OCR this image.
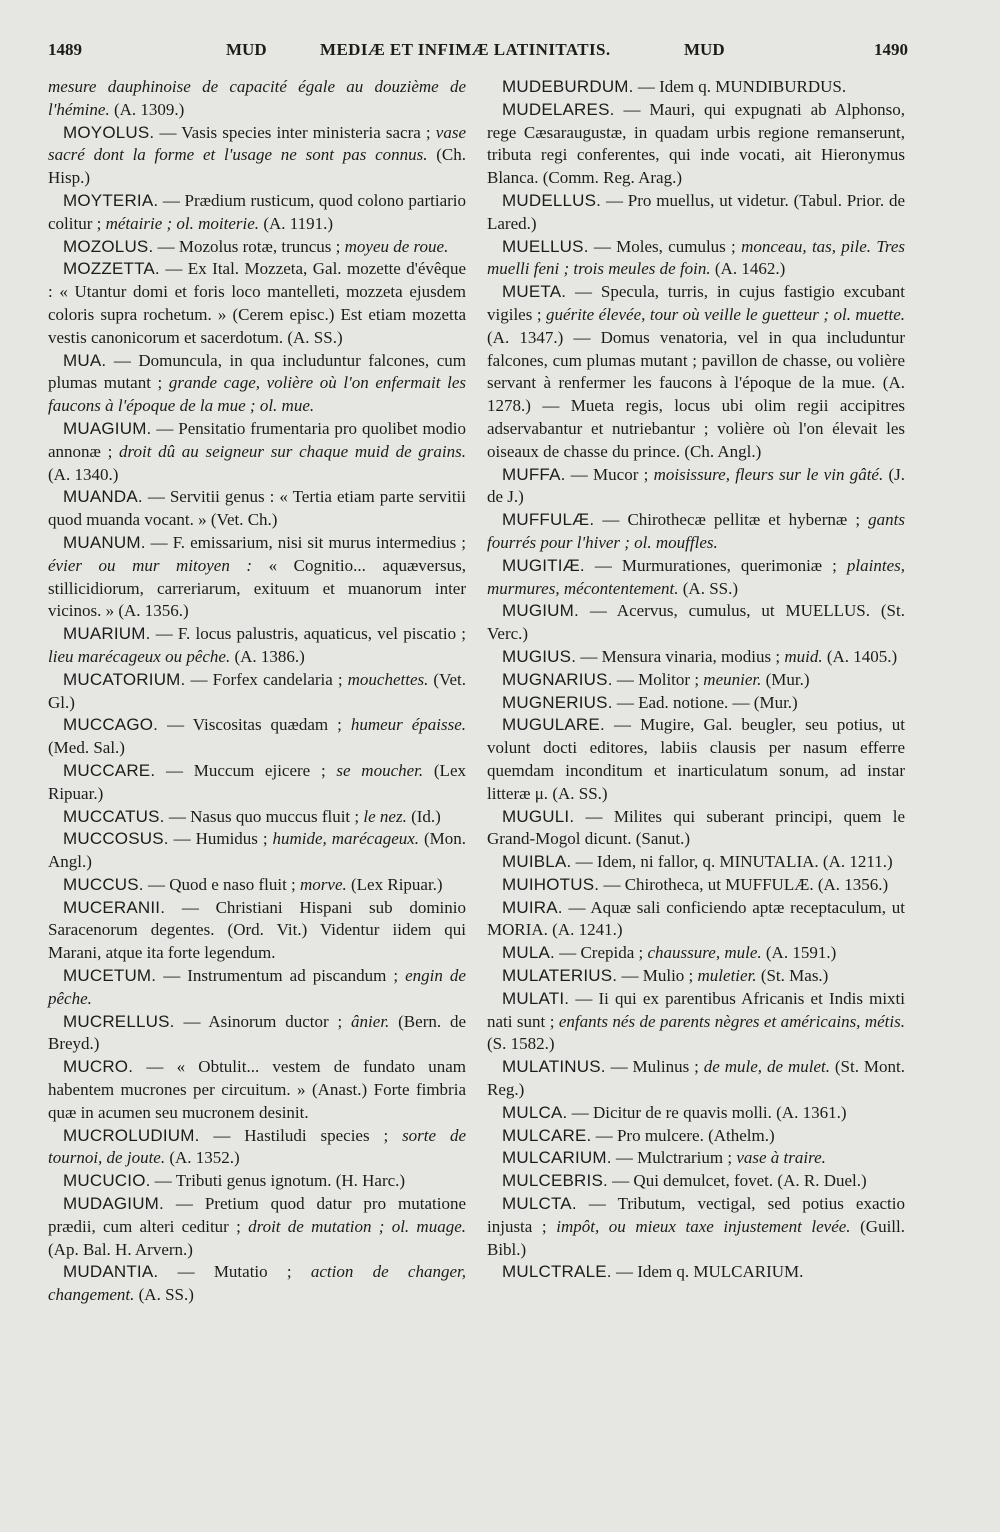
1489	MUD	MEDIÆ ET INFIMÆ LATINITATIS.	MUD	1490

mesure dauphinoise de capacité égale au douzième de l'hémine. (A. 1309.)

MOYOLUS. — Vasis species inter ministeria sacra ; vase sacré dont la forme et l'usage ne sont pas connus. (Ch. Hisp.)

MOYTERIA. — Prædium rusticum, quod colono partiario colitur ; métairie ; ol. moiterie. (A. 1191.)

MOZOLUS. — Mozolus rotæ, truncus ; moyeu de roue.

MOZZETTA. — Ex Ital. Mozzeta, Gal. mozette d'évêque : « Utantur domi et foris loco mantelleti, mozzeta ejusdem coloris supra rochetum. » (Cerem episc.) Est etiam mozetta vestis canonicorum et sacerdotum. (A. SS.)

MUA. — Domuncula, in qua includuntur falcones, cum plumas mutant ; grande cage, volière où l'on enfermait les faucons à l'époque de la mue ; ol. mue.

MUAGIUM. — Pensitatio frumentaria pro quolibet modio annonæ ; droit dû au seigneur sur chaque muid de grains. (A. 1340.)

MUANDA. — Servitii genus : « Tertia etiam parte servitii quod muanda vocant. » (Vet. Ch.)

MUANUM. — F. emissarium, nisi sit murus intermedius ; évier ou mur mitoyen : « Cognitio... aquæversus, stillicidiorum, carreriarum, exituum et muanorum inter vicinos. » (A. 1356.)

MUARIUM. — F. locus palustris, aquaticus, vel piscatio ; lieu marécageux ou pêche. (A. 1386.)

MUCATORIUM. — Forfex candelaria ; mouchettes. (Vet. Gl.)

MUCCAGO. — Viscositas quædam ; humeur épaisse. (Med. Sal.)

MUCCARE. — Muccum ejicere ; se moucher. (Lex Ripuar.)

MUCCATUS. — Nasus quo muccus fluit ; le nez. (Id.)

MUCCOSUS. — Humidus ; humide, marécageux. (Mon. Angl.)

MUCCUS. — Quod e naso fluit ; morve. (Lex Ripuar.)

MUCERANII. — Christiani Hispani sub dominio Saracenorum degentes. (Ord. Vit.) Videntur iidem qui Marani, atque ita forte legendum.

MUCETUM. — Instrumentum ad piscandum ; engin de pêche.

MUCRELLUS. — Asinorum ductor ; ânier. (Bern. de Breyd.)

MUCRO. — « Obtulit... vestem de fundato unam habentem mucrones per circuitum. » (Anast.) Forte fimbria quæ in acumen seu mucronem desinit.

MUCROLUDIUM. — Hastiludi species ; sorte de tournoi, de joute. (A. 1352.)

MUCUCIO. — Tributi genus ignotum. (H. Harc.)

MUDAGIUM. — Pretium quod datur pro mutatione prædii, cum alteri ceditur ; droit de mutation ; ol. muage. (Ap. Bal. H. Arvern.)

MUDANTIA. — Mutatio ; action de changer, changement. (A. SS.)

MUDEBURDUM. — Idem q. MUNDIBURDUS.

MUDELARES. — Mauri, qui expugnati ab Alphonso, rege Cæsaraugustæ, in quadam urbis regione remanserunt, tributa regi conferentes, qui inde vocati, ait Hieronymus Blanca. (Comm. Reg. Arag.)

MUDELLUS. — Pro muellus, ut videtur. (Tabul. Prior. de Lared.)

MUELLUS. — Moles, cumulus ; monceau, tas, pile. Tres muelli feni ; trois meules de foin. (A. 1462.)

MUETA. — Specula, turris, in cujus fastigio excubant vigiles ; guérite élevée, tour où veille le guetteur ; ol. muette. (A. 1347.) — Domus venatoria, vel in qua includuntur falcones, cum plumas mutant ; pavillon de chasse, ou volière servant à renfermer les faucons à l'époque de la mue. (A. 1278.) — Mueta regis, locus ubi olim regii accipitres adservabantur et nutriebantur ; volière où l'on élevait les oiseaux de chasse du prince. (Ch. Angl.)

MUFFA. — Mucor ; moisissure, fleurs sur le vin gâté. (J. de J.)

MUFFULÆ. — Chirothecæ pellitæ et hybernæ ; gants fourrés pour l'hiver ; ol. mouffles.

MUGITIÆ. — Murmurationes, querimoniæ ; plaintes, murmures, mécontentement. (A. SS.)

MUGIUM. — Acervus, cumulus, ut MUELLUS. (St. Verc.)

MUGIUS. — Mensura vinaria, modius ; muid. (A. 1405.)

MUGNARIUS. — Molitor ; meunier. (Mur.)

MUGNERIUS. — Ead. notione. — (Mur.)

MUGULARE. — Mugire, Gal. beugler, seu potius, ut volunt docti editores, labiis clausis per nasum efferre quemdam inconditum et inarticulatum sonum, ad instar litteræ μ. (A. SS.)

MUGULI. — Milites qui suberant principi, quem le Grand-Mogol dicunt. (Sanut.)

MUIBLA. — Idem, ni fallor, q. MINUTALIA. (A. 1211.)

MUIHOTUS. — Chirotheca, ut MUFFULÆ. (A. 1356.)

MUIRA. — Aquæ sali conficiendo aptæ receptaculum, ut MORIA. (A. 1241.)

MULA. — Crepida ; chaussure, mule. (A. 1591.)

MULATERIUS. — Mulio ; muletier. (St. Mas.)

MULATI. — Ii qui ex parentibus Africanis et Indis mixti nati sunt ; enfants nés de parents nègres et américains, métis. (S. 1582.)

MULATINUS. — Mulinus ; de mule, de mulet. (St. Mont. Reg.)

MULCA. — Dicitur de re quavis molli. (A. 1361.)

MULCARE. — Pro mulcere. (Athelm.)

MULCARIUM. — Mulctrarium ; vase à traire.

MULCEBRIS. — Qui demulcet, fovet. (A. R. Duel.)

MULCTA. — Tributum, vectigal, sed potius exactio injusta ; impôt, ou mieux taxe injustement levée. (Guill. Bibl.)

MULCTRALE. — Idem q. MULCARIUM.
